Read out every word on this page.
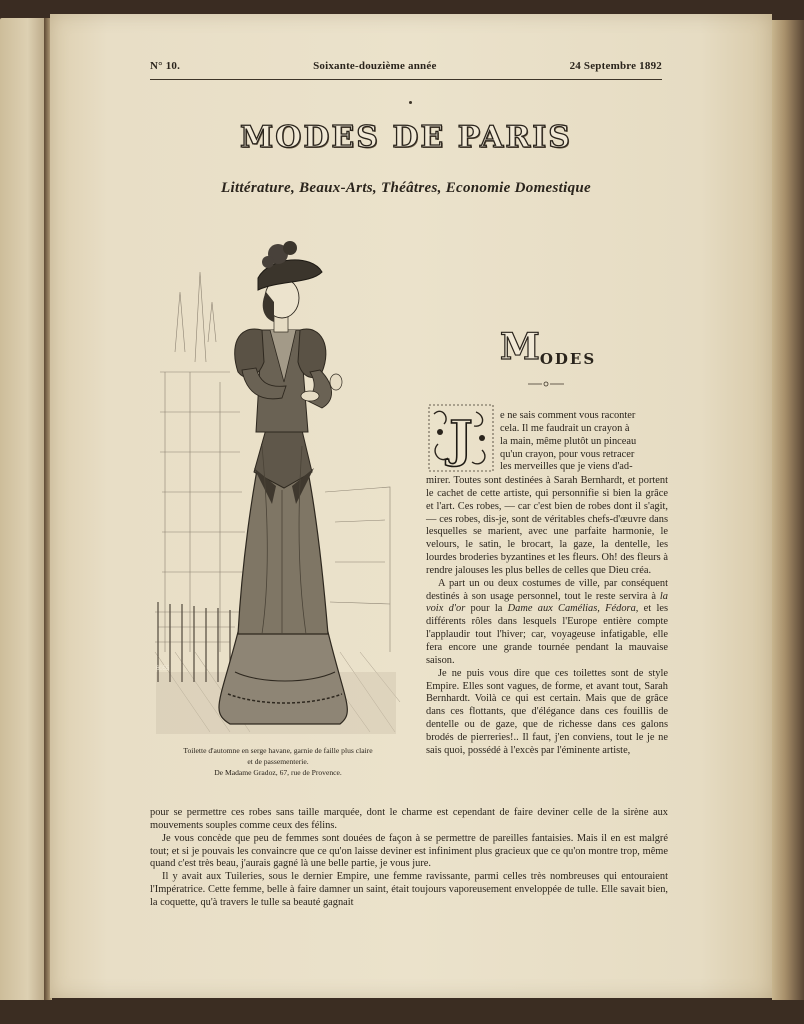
N° 10.	Soixante-douzième année	24 Septembre 1892
MODES DE PARIS
Littérature, Beaux-Arts, Théâtres, Economie Domestique
6055
Toilette d'automne en serge havane, garnie de faille plus claire
et de passementerie.
De Madame Gradoz, 67, rue de Provence.
MODES
J	e ne sais comment vous raconter
cela. Il me faudrait un crayon à
la main, même plutôt un pinceau
qu'un crayon, pour vous retracer
les merveilles que je viens d'ad-

mirer. Toutes sont destinées à Sarah Bernhardt, et portent le cachet de cette artiste, qui personnifie si bien la grâce et l'art. Ces robes, — car c'est bien de robes dont il s'agit, — ces robes, dis-je, sont de véritables chefs-d'œuvre dans lesquelles se marient, avec une parfaite harmonie, le velours, le satin, le brocart, la gaze, la dentelle, les lourdes broderies byzantines et les fleurs. Oh! des fleurs à rendre jalouses les plus belles de celles que Dieu créa.

A part un ou deux costumes de ville, par conséquent destinés à son usage personnel, tout le reste servira à la voix d'or pour la Dame aux Camélias, Fédora, et les différents rôles dans lesquels l'Europe entière compte l'applaudir tout l'hiver; car, voyageuse infatigable, elle fera encore une grande tournée pendant la mauvaise saison.

Je ne puis vous dire que ces toilettes sont de style Empire. Elles sont vagues, de forme, et avant tout, Sarah Bernhardt. Voilà ce qui est certain. Mais que de grâce dans ces flottants, que d'élégance dans ces fouillis de dentelle ou de gaze, que de richesse dans ces galons brodés de pierreries!.. Il faut, j'en conviens, tout le je ne sais quoi, possédé à l'excès par l'éminente artiste,

pour se permettre ces robes sans taille marquée, dont le charme est cependant de faire deviner celle de la sirène aux mouvements souples comme ceux des félins.

Je vous concède que peu de femmes sont douées de façon à se permettre de pareilles fantaisies. Mais il en est malgré tout; et si je pouvais les convaincre que ce qu'on laisse deviner est infiniment plus gracieux que ce qu'on montre trop, même quand c'est très beau, j'aurais gagné là une belle partie, je vous jure.

Il y avait aux Tuileries, sous le dernier Empire, une femme ravissante, parmi celles très nombreuses qui entouraient l'Impératrice. Cette femme, belle à faire damner un saint, était toujours vaporeusement enveloppée de tulle. Elle savait bien, la coquette, qu'à travers le tulle sa beauté gagnait
